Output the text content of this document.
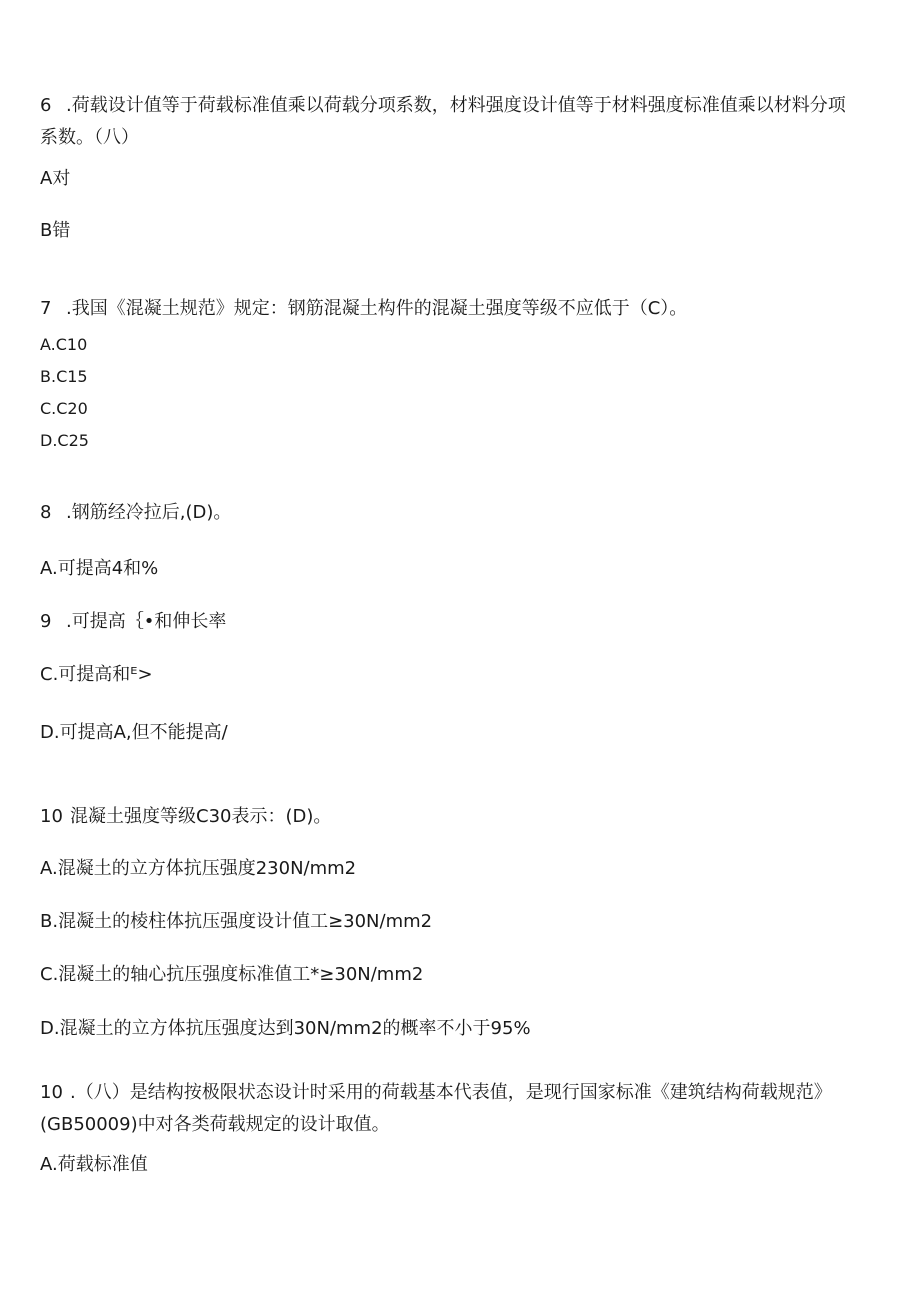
6 .荷载设计值等于荷载标准值乘以荷载分项系数，材料强度设计值等于材料强度标准值乘以材料分项
系数。（八）
A对
B错
7 .我国《混凝土规范》规定：钢筋混凝土构件的混凝土强度等级不应低于（C）。
A.C10
B.C15
C.C20
D.C25
8 .钢筋经冷拉后,(D)。
A.可提高4和%
9 .可提高｛•和伸长率
C.可提高和ᴱ>
D.可提高A,但不能提高/
10 混凝土强度等级C30表示：(D)。
A.混凝土的立方体抗压强度230N∕mm2
B.混凝土的棱柱体抗压强度设计值工≥30N∕mm2
C.混凝土的轴心抗压强度标准值工*≥30N∕mm2
D.混凝土的立方体抗压强度达到30N∕mm2的概率不小于95%
10 .（八）是结构按极限状态设计时采用的荷载基本代表值，是现行国家标准《建筑结构荷载规范》
(GB50009)中对各类荷载规定的设计取值。
A.荷载标准值
